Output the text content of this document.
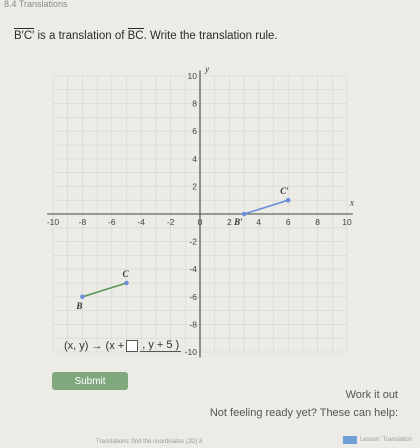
8.4 Translations
B′C′ is a translation of BC. Write the translation rule.
x
y
-10 -8	-6	-4	-2	0	2	4	6	8	10
10
8
6
4
2
-2
-4
-6
-8
-10
C
B
C′
B′
(x, y) → (x + , y + 5 )
Submit
Work it out
Not feeling ready yet? These can help:
Translations: find the coordinates (2D) 8	Lesson: Translation
